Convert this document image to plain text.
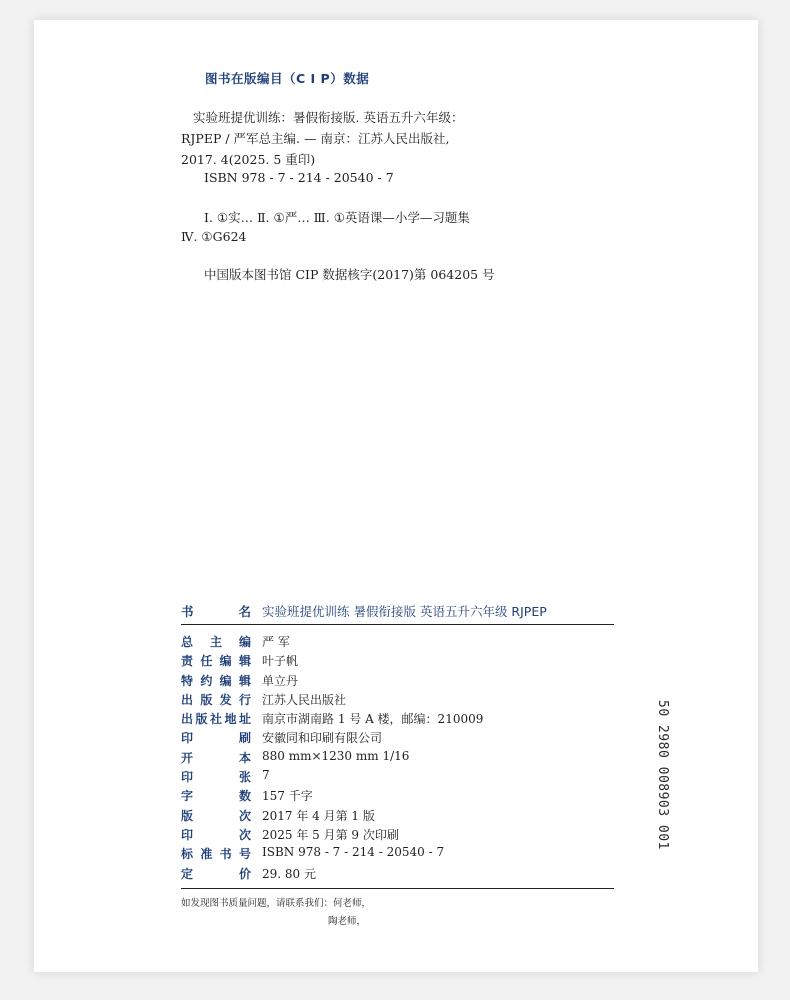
图书在版编目（C I P）数据
实验班提优训练：暑假衔接版. 英语五升六年级：
RJPEP / 严军总主编. — 南京：江苏人民出版社,
2017. 4(2025. 5 重印)
ISBN 978 - 7 - 214 - 20540 - 7
Ⅰ. ①实… Ⅱ. ①严… Ⅲ. ①英语课—小学—习题集
Ⅳ. ①G624
中国版本图书馆 CIP 数据核字(2017)第 064205 号
书	名 实验班提优训练 暑假衔接版 英语五升六年级 RJPEP
总 主 编 严 军
责 任 编 辑 叶子帆
特 约 编 辑 单立丹
出 版 发 行 江苏人民出版社
出 版 社 地 址 南京市湖南路 1 号 A 楼，邮编：210009
印	刷 安徽同和印刷有限公司
开	本 880 mm×1230 mm 1/16
印	张 7
字	数 157 千字
版	次 2017 年 4 月第 1 版
印	次 2025 年 5 月第 9 次印刷
标 准 书 号 ISBN 978 - 7 - 214 - 20540 - 7
定	价 29. 80 元
如发现图书质量问题，请联系我们：何老师，
陶老师，
50 2980 008903 001
